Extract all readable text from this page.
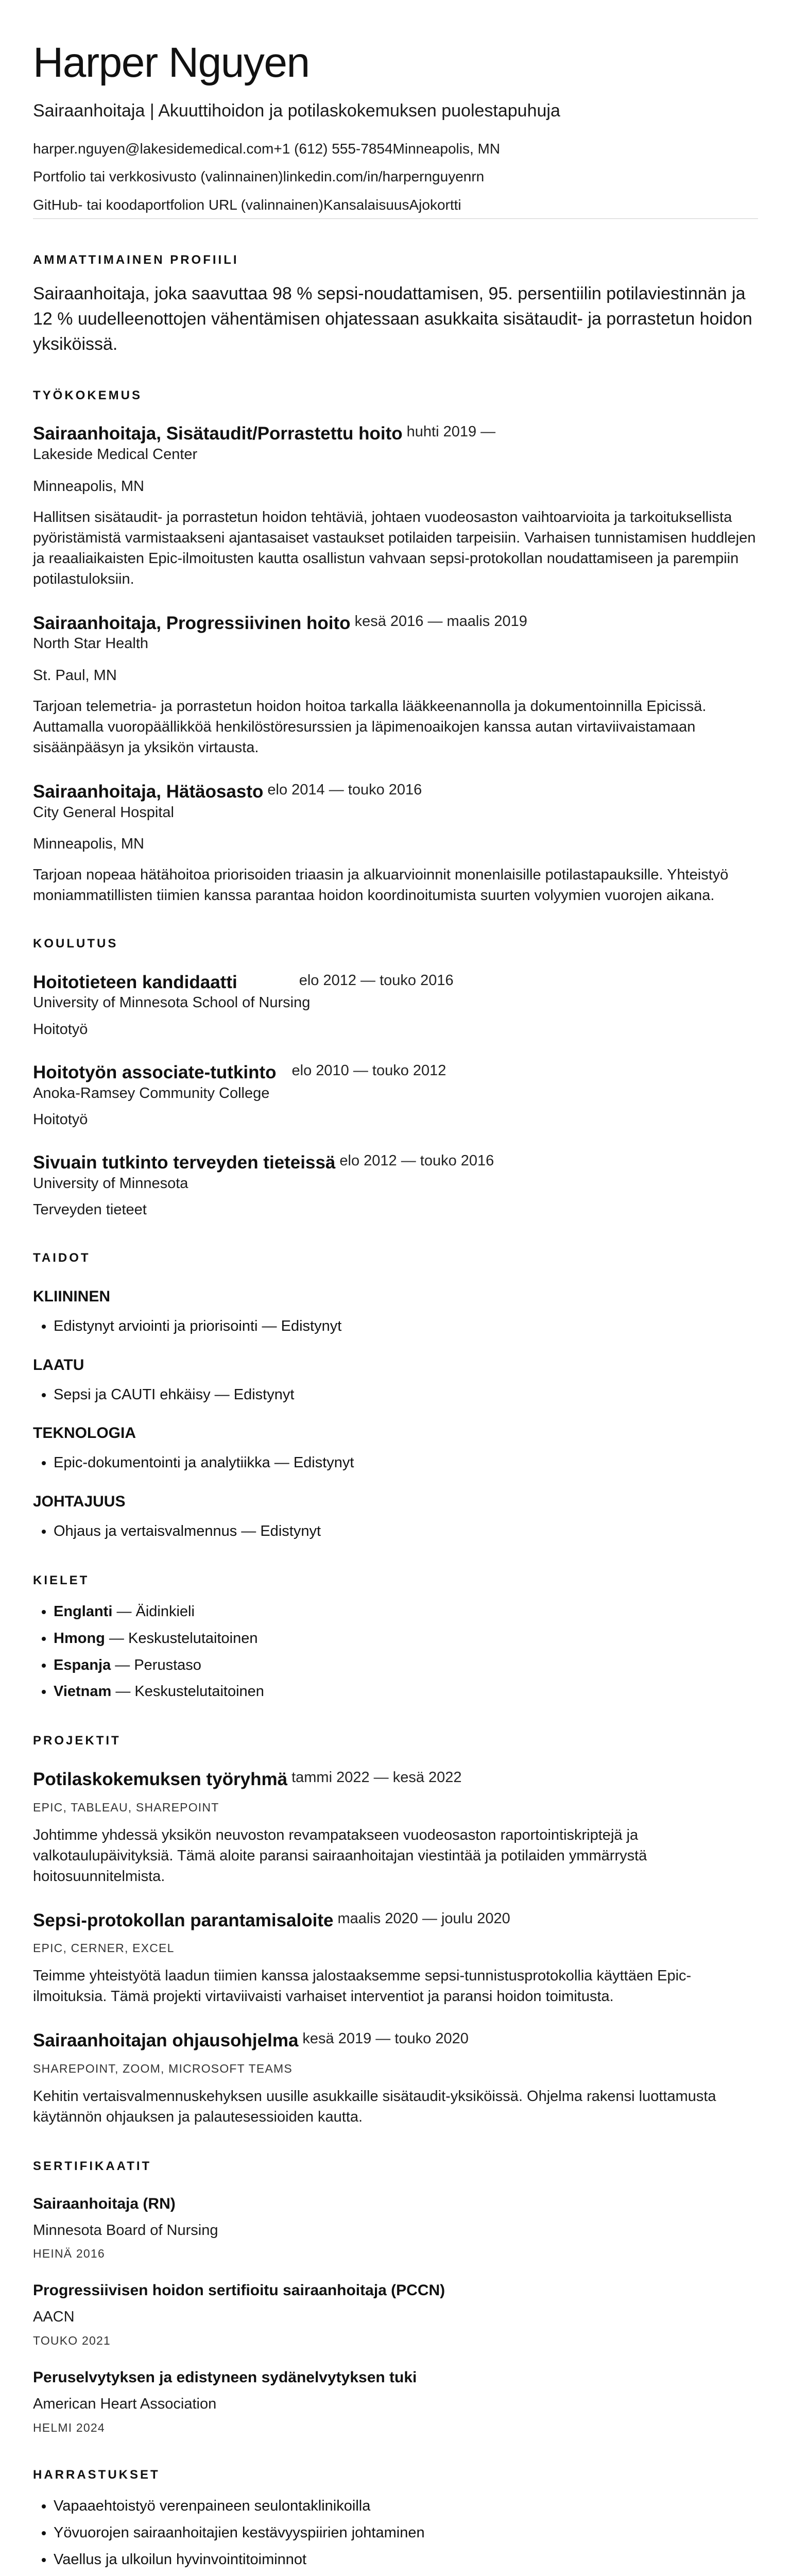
Harper Nguyen
Sairaanhoitaja | Akuuttihoidon ja potilaskokemuksen puolestapuhuja
harper.nguyen@lakesidemedical.com +1 (612) 555-7854 Minneapolis, MN
Portfolio tai verkkosivusto (valinnainen) linkedin.com/in/harpernguyenrn
GitHub- tai koodaportfolion URL (valinnainen) Kansalaisuus Ajokortti
AMMATTIMAINEN PROFIILI
Sairaanhoitaja, joka saavuttaa 98 % sepsi-noudattamisen, 95. persentiilin potilaviestinnän ja 12 % uudelleenottojen vähentämisen ohjatessaan asukkaita sisätaudit- ja porrastetun hoidon yksiköissä.
TYÖKOKEMUS
Sairaanhoitaja, Sisätaudit/Porrastettu hoito huhti 2019 —
Lakeside Medical Center
Minneapolis, MN
Hallitsen sisätaudit- ja porrastetun hoidon tehtäviä, johtaen vuodeosaston vaihtoarvioita ja tarkoituksellista pyöristämistä varmistaakseni ajantasaiset vastaukset potilaiden tarpeisiin. Varhaisen tunnistamisen huddlejen ja reaaliaikaisten Epic-ilmoitusten kautta osallistun vahvaan sepsi-protokollan noudattamiseen ja parempiin potilastuloksiin.
Sairaanhoitaja, Progressiivinen hoito kesä 2016 — maalis 2019
North Star Health
St. Paul, MN
Tarjoan telemetria- ja porrastetun hoidon hoitoa tarkalla lääkkeenannolla ja dokumentoinnilla Epicissä. Auttamalla vuoropäällikköä henkilöstöresurssien ja läpimenoaikojen kanssa autan virtaviivaistamaan sisäänpääsyn ja yksikön virtausta.
Sairaanhoitaja, Hätäosasto elo 2014 — touko 2016
City General Hospital
Minneapolis, MN
Tarjoan nopeaa hätähoitoa priorisoiden triaasin ja alkuarvioinnit monenlaisille potilastapauksille. Yhteistyö moniammatillisten tiimien kanssa parantaa hoidon koordinoitumista suurten volyymien vuorojen aikana.
KOULUTUS
Hoitotieteen kandidaatti	elo 2012 — touko 2016
University of Minnesota School of Nursing
Hoitotyö
Hoitotyön associate-tutkinto elo 2010 — touko 2012
Anoka-Ramsey Community College
Hoitotyö
Sivuain tutkinto terveyden tieteissä elo 2012 — touko 2016
University of Minnesota
Terveyden tieteet
TAIDOT
KLIININEN
• Edistynyt arviointi ja priorisointi — Edistynyt
LAATU
• Sepsi ja CAUTI ehkäisy — Edistynyt
TEKNOLOGIA
• Epic-dokumentointi ja analytiikka — Edistynyt
JOHTAJUUS
• Ohjaus ja vertaisvalmennus — Edistynyt
KIELET
• Englanti — Äidinkieli
• Hmong — Keskustelutaitoinen
• Espanja — Perustaso
• Vietnam — Keskustelutaitoinen
PROJEKTIT
Potilaskokemuksen työryhmä tammi 2022 — kesä 2022
EPIC, TABLEAU, SHAREPOINT
Johtimme yhdessä yksikön neuvoston revampatakseen vuodeosaston raportointiskriptejä ja valkotaulupäivityksiä. Tämä aloite paransi sairaanhoitajan viestintää ja potilaiden ymmärrystä hoitosuunnitelmista.
Sepsi-protokollan parantamisaloite maalis 2020 — joulu 2020
EPIC, CERNER, EXCEL
Teimme yhteistyötä laadun tiimien kanssa jalostaaksemme sepsi-tunnistusprotokollia käyttäen Epic-ilmoituksia. Tämä projekti virtaviivaisti varhaiset interventiot ja paransi hoidon toimitusta.
Sairaanhoitajan ohjausohjelma kesä 2019 — touko 2020
SHAREPOINT, ZOOM, MICROSOFT TEAMS
Kehitin vertaisvalmennuskehyksen uusille asukkaille sisätaudit-yksiköissä. Ohjelma rakensi luottamusta käytännön ohjauksen ja palautesessioiden kautta.
SERTIFIKAATIT
Sairaanhoitaja (RN)
Minnesota Board of Nursing
HEINÄ 2016
Progressiivisen hoidon sertifioitu sairaanhoitaja (PCCN)
AACN
TOUKO 2021
Peruselvytyksen ja edistyneen sydänelvytyksen tuki
American Heart Association
HELMI 2024
HARRASTUKSET
• Vapaaehtoistyö verenpaineen seulontaklinikoilla
• Yövuorojen sairaanhoitajien kestävyyspiirien johtaminen
• Vaellus ja ulkoilun hyvinvointitoiminnot
